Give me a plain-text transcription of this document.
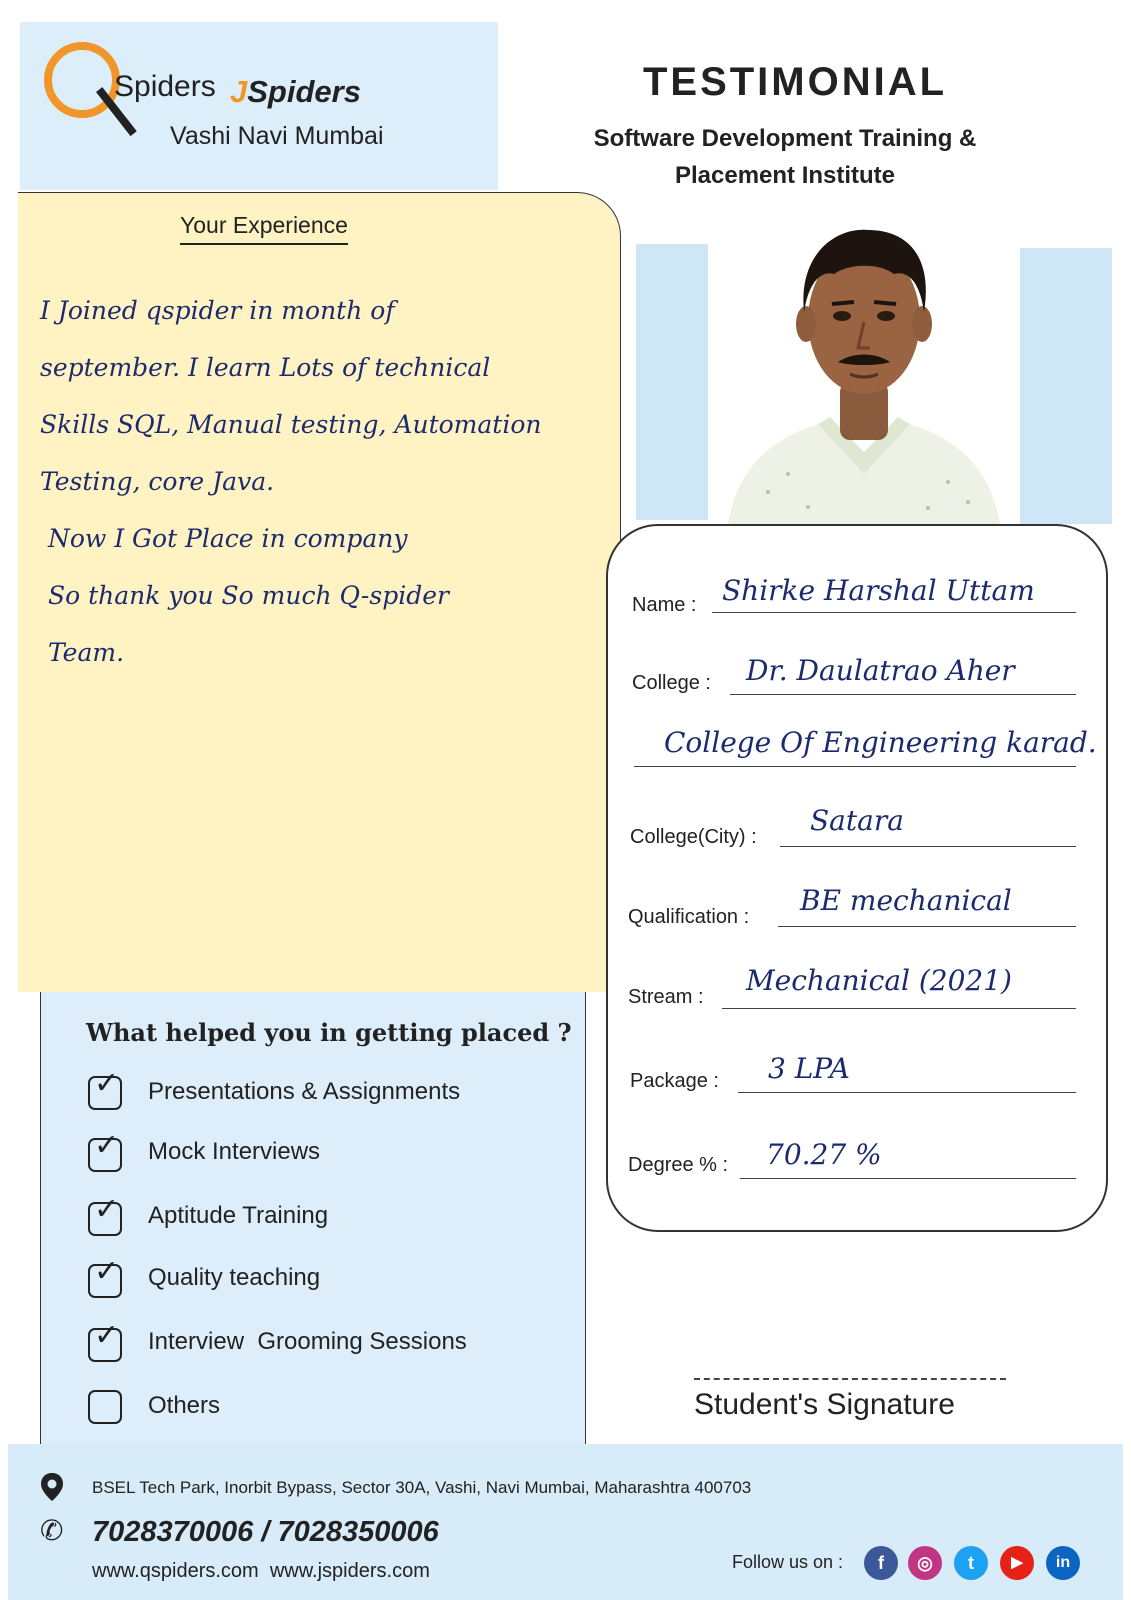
Spiders JSpiders
Vashi Navi Mumbai
TESTIMONIAL
Software Development Training &
Placement Institute
Your Experience
I Joined qspider in month of
september. I learn Lots of technical
Skills SQL, Manual testing, Automation
Testing, core Java.
Now I Got Place in company
So thank you So much Q-spider
Team.
Name : Shirke Harshal Uttam
College : Dr. Daulatrao Aher
College Of Engineering karad.
College(City) : Satara
Qualification : BE mechanical
Stream : Mechanical (2021)
Package : 3 LPA
Degree % : 70.27 %
What helped you in getting placed ?
✓ Presentations & Assignments
✓ Mock Interviews
✓ Aptitude Training
✓ Quality teaching
✓ Interview  Grooming Sessions
Others	Student's Signature
BSEL Tech Park, Inorbit Bypass, Sector 30A, Vashi, Navi Mumbai, Maharashtra 400703
✆ 7028370006 / 7028350006
www.qspiders.com  www.jspiders.com	Follow us on :	f	◎	t	▶	in
